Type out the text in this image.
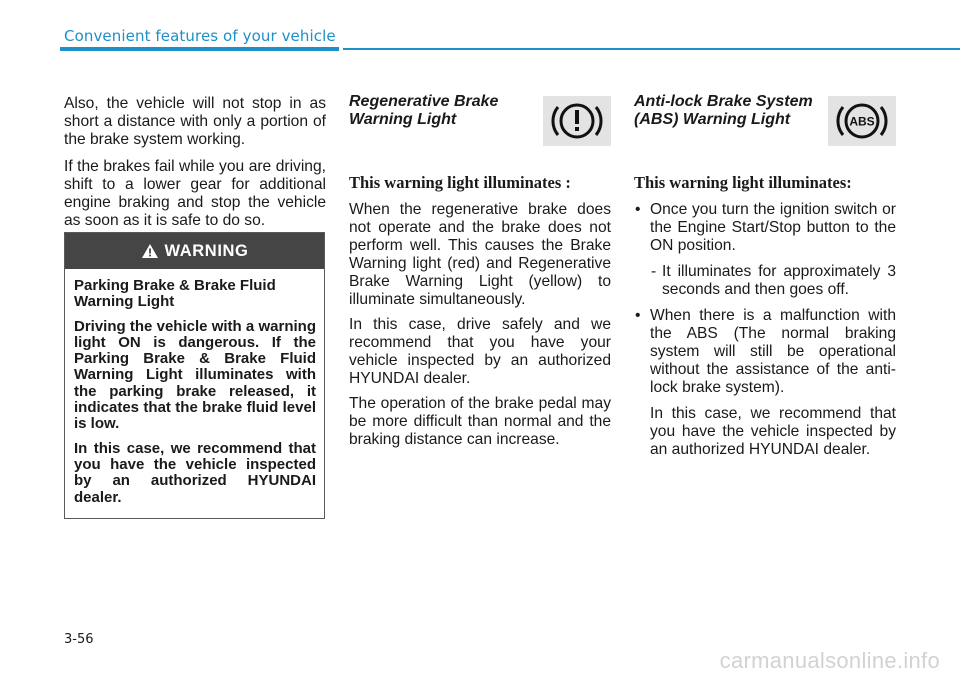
Convenient features of your vehicle

Also, the vehicle will not stop in as short a distance with only a portion of the brake system working.

If the brakes fail while you are driving, shift to a lower gear for additional engine braking and stop the vehicle as soon as it is safe to do so.

WARNING

Parking Brake & Brake Fluid Warning Light

Driving the vehicle with a warning light ON is dangerous. If the Parking Brake & Brake Fluid Warning Light illuminates with the parking brake released, it indicates that the brake fluid level is low.

In this case, we recommend that you have the vehicle inspected by an authorized HYUNDAI dealer.

Regenerative Brake Warning Light
This warning light illuminates :

When the regenerative brake does not operate and the brake does not perform well. This causes the Brake Warning light (red) and Regenerative Brake Warning Light (yellow) to illuminate simultaneously.

In this case, drive safely and we recommend that you have your vehicle inspected by an authorized HYUNDAI dealer.

The operation of the brake pedal may be more difficult than normal and the braking distance can increase.

Anti-lock Brake System (ABS) Warning Light	ABS
This warning light illuminates:
• Once you turn the ignition switch or the Engine Start/Stop button to the ON position.
- It illuminates for approximately 3 seconds and then goes off.
• When there is a malfunction with the ABS (The normal braking system will still be operational without the assistance of the anti-lock brake system).
In this case, we recommend that you have the vehicle inspected by an authorized HYUNDAI dealer.
3-56
carmanualsonline.info
